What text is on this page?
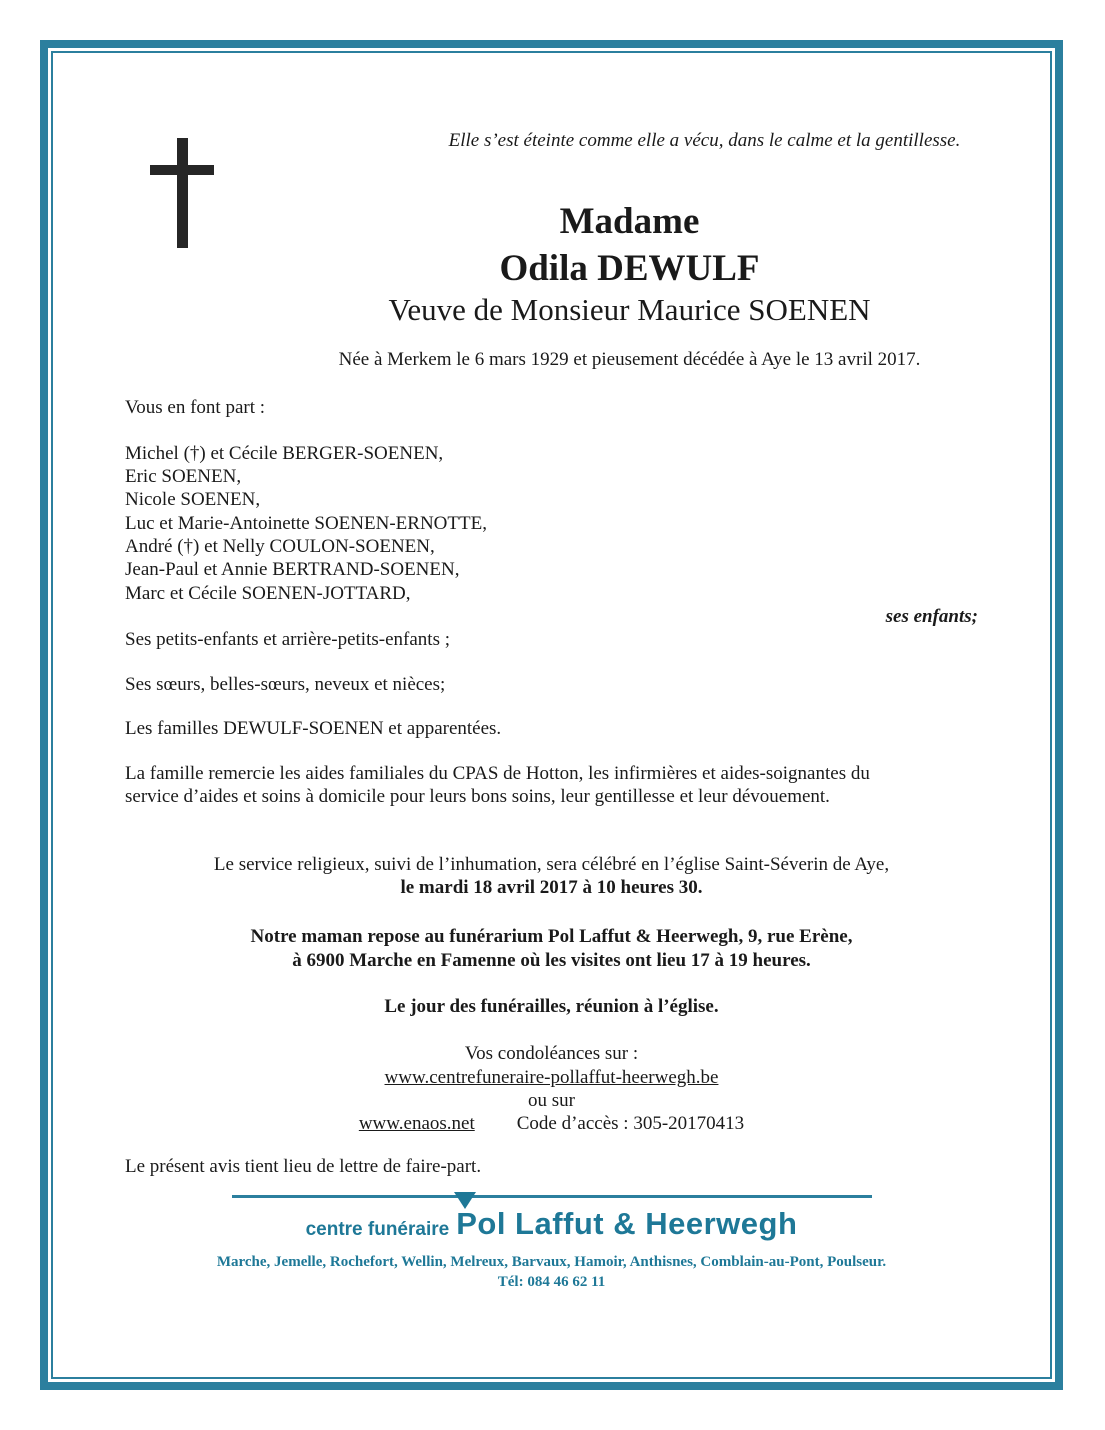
Elle s’est éteinte comme elle a vécu, dans le calme et la gentillesse.
Madame
Odila DEWULF
Veuve de Monsieur Maurice SOENEN
Née à Merkem le 6 mars 1929 et pieusement décédée à Aye le 13 avril 2017.
Vous en font part :
Michel (†) et Cécile BERGER-SOENEN,
Eric SOENEN,
Nicole SOENEN,
Luc et Marie-Antoinette SOENEN-ERNOTTE,
André (†) et Nelly COULON-SOENEN,
Jean-Paul et Annie BERTRAND-SOENEN,
Marc et Cécile SOENEN-JOTTARD,
ses enfants;
Ses petits-enfants et arrière-petits-enfants ;
Ses sœurs, belles-sœurs, neveux et nièces;
Les familles DEWULF-SOENEN et apparentées.
La famille remercie les aides familiales du CPAS de Hotton, les infirmières et aides-soignantes du
service d’aides et soins à domicile pour leurs bons soins, leur gentillesse et leur dévouement.
Le service religieux, suivi de l’inhumation, sera célébré en l’église Saint-Séverin de Aye,
le mardi 18 avril 2017 à 10 heures 30.
Notre maman repose au funérarium Pol Laffut & Heerwegh, 9, rue Erène,
à 6900 Marche en Famenne où les visites ont lieu 17 à 19 heures.
Le jour des funérailles, réunion à l’église.
Vos condoléances sur :
www.centrefuneraire-pollaffut-heerwegh.be
ou sur
www.enaos.net Code d’accès : 305-20170413
Le présent avis tient lieu de lettre de faire-part.
centre funéraire Pol Laffut & Heerwegh
Marche, Jemelle, Rochefort, Wellin, Melreux, Barvaux, Hamoir, Anthisnes, Comblain-au-Pont, Poulseur.
Tél: 084 46 62 11
